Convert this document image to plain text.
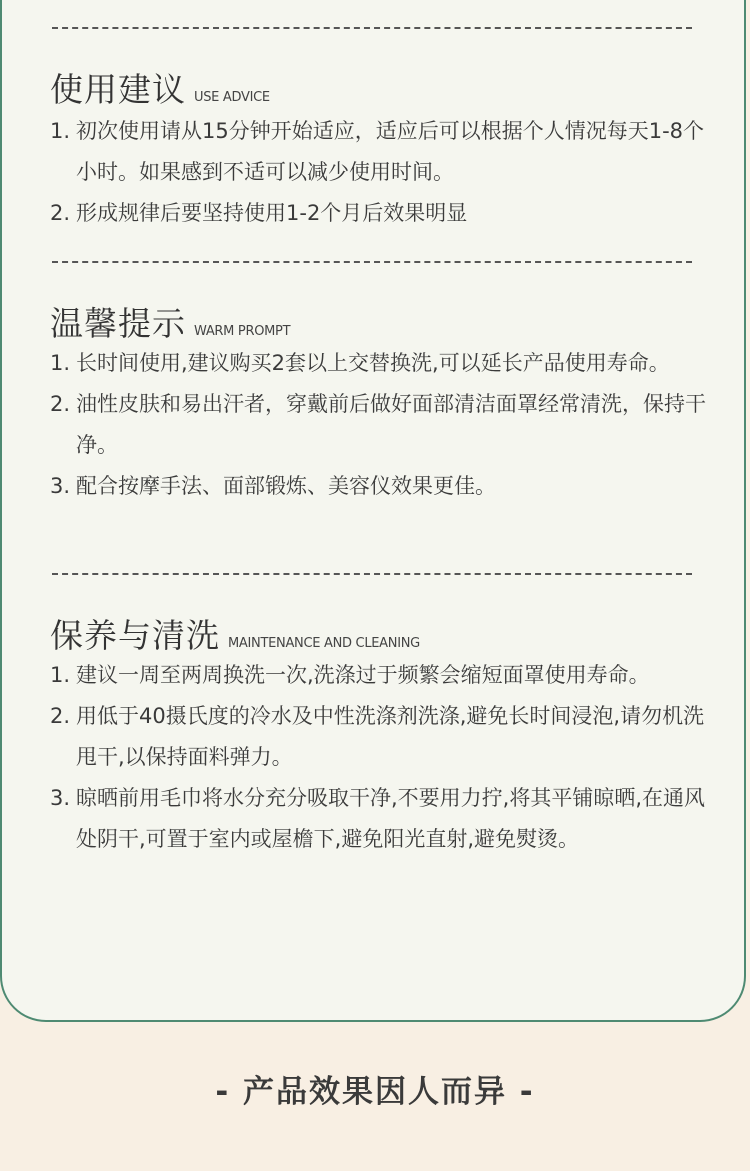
使用建议 USE ADVICE
1. 初次使用请从15分钟开始适应，适应后可以根据个人情况每天1-8个小时。如果感到不适可以减少使用时间。
2. 形成规律后要坚持使用1-2个月后效果明显
温馨提示 WARM PROMPT
1. 长时间使用,建议购买2套以上交替换洗,可以延长产品使用寿命。
2. 油性皮肤和易出汗者，穿戴前后做好面部清洁面罩经常清洗，保持干净。
3. 配合按摩手法、面部锻炼、美容仪效果更佳。
保养与清洗 MAINTENANCE AND CLEANING
1. 建议一周至两周换洗一次,洗涤过于频繁会缩短面罩使用寿命。
2. 用低于40摄氏度的冷水及中性洗涤剂洗涤,避免长时间浸泡,请勿机洗甩干,以保持面料弹力。
3. 晾晒前用毛巾将水分充分吸取干净,不要用力拧,将其平铺晾晒,在通风处阴干,可置于室内或屋檐下,避免阳光直射,避免熨烫。
- 产品效果因人而异 -
